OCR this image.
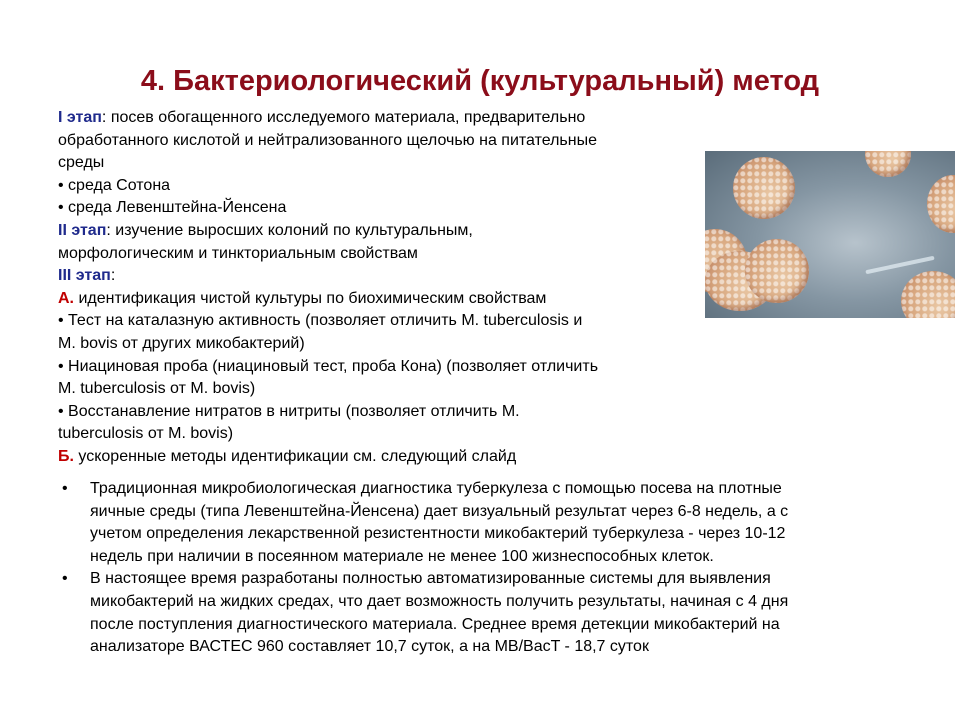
4. Бактериологический (культуральный) метод
I этап: посев обогащенного исследуемого материала, предварительно
обработанного кислотой и нейтрализованного щелочью на питательные
среды
• среда Сотона
• среда Левенштейна-Йенсена
II этап: изучение выросших колоний по культуральным,
морфологическим и тинкториальным свойствам
III этап:
А. идентификация чистой культуры по биохимическим свойствам
• Тест на каталазную активность (позволяет отличить M. tuberculosis и
M. bovis от других микобактерий)
• Ниациновая проба (ниациновый тест, проба Кона) (позволяет отличить
M. tuberculosis от M. bovis)
• Восстанавление нитратов в нитриты (позволяет отличить M.
tuberculosis от M. bovis)
Б. ускоренные методы идентификации см. следующий слайд
• Традиционная микробиологическая диагностика туберкулеза с помощью посева на плотные
яичные среды (типа Левенштейна-Йенсена) дает визуальный результат через 6-8 недель, а с
учетом определения лекарственной резистентности микобактерий туберкулеза - через 10-12
недель при наличии в посеянном материале не менее 100 жизнеспособных клеток.
• В настоящее время разработаны полностью автоматизированные системы для выявления
микобактерий на жидких средах, что дает возможность получить результаты, начиная с 4 дня
после поступления диагностического материала. Среднее время детекции микобактерий на
анализаторе ВАСТЕС 960 составляет 10,7 суток, а на MB/BacT - 18,7 суток
